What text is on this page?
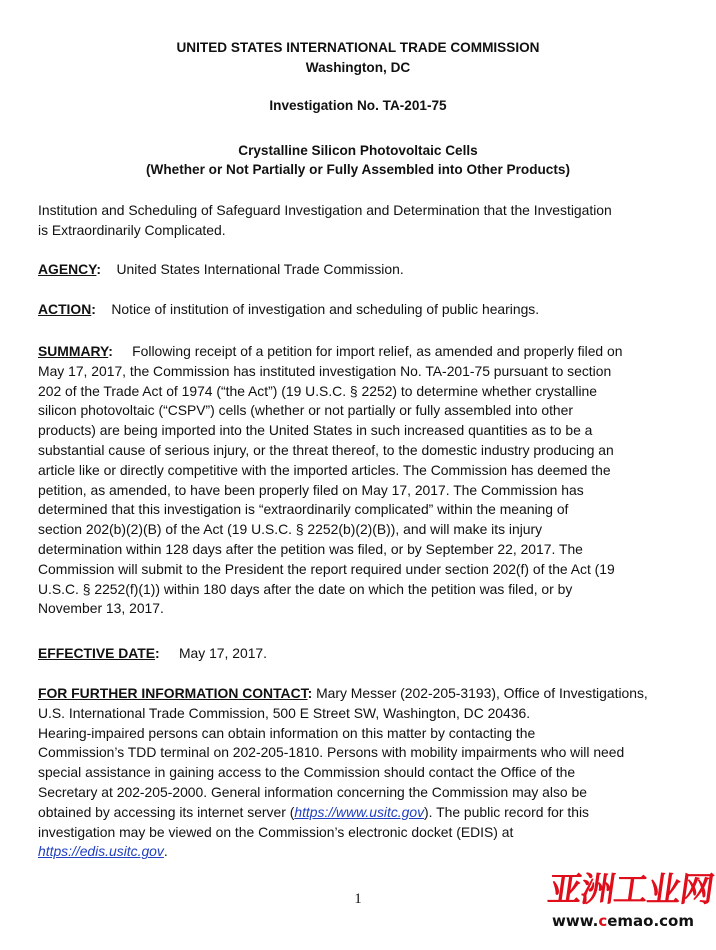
UNITED STATES INTERNATIONAL TRADE COMMISSION
Washington, DC
Investigation No. TA-201-75
Crystalline Silicon Photovoltaic Cells
(Whether or Not Partially or Fully Assembled into Other Products)
Institution and Scheduling of Safeguard Investigation and Determination that the Investigation
is Extraordinarily Complicated.
AGENCY: United States International Trade Commission.
ACTION: Notice of institution of investigation and scheduling of public hearings.
SUMMARY: Following receipt of a petition for import relief, as amended and properly filed on
May 17, 2017, the Commission has instituted investigation No. TA-201-75 pursuant to section
202 of the Trade Act of 1974 (“the Act”) (19 U.S.C. § 2252) to determine whether crystalline
silicon photovoltaic (“CSPV”) cells (whether or not partially or fully assembled into other
products) are being imported into the United States in such increased quantities as to be a
substantial cause of serious injury, or the threat thereof, to the domestic industry producing an
article like or directly competitive with the imported articles. The Commission has deemed the
petition, as amended, to have been properly filed on May 17, 2017. The Commission has
determined that this investigation is “extraordinarily complicated” within the meaning of
section 202(b)(2)(B) of the Act (19 U.S.C. § 2252(b)(2)(B)), and will make its injury
determination within 128 days after the petition was filed, or by September 22, 2017. The
Commission will submit to the President the report required under section 202(f) of the Act (19
U.S.C. § 2252(f)(1)) within 180 days after the date on which the petition was filed, or by
November 13, 2017.
EFFECTIVE DATE: May 17, 2017.
FOR FURTHER INFORMATION CONTACT: Mary Messer (202-205-3193), Office of Investigations,
U.S. International Trade Commission, 500 E Street SW, Washington, DC 20436.
Hearing-impaired persons can obtain information on this matter by contacting the
Commission’s TDD terminal on 202-205-1810. Persons with mobility impairments who will need
special assistance in gaining access to the Commission should contact the Office of the
Secretary at 202-205-2000. General information concerning the Commission may also be
obtained by accessing its internet server (https://www.usitc.gov). The public record for this
investigation may be viewed on the Commission’s electronic docket (EDIS) at
https://edis.usitc.gov.
1	亚洲工业网
www.cemao.com
